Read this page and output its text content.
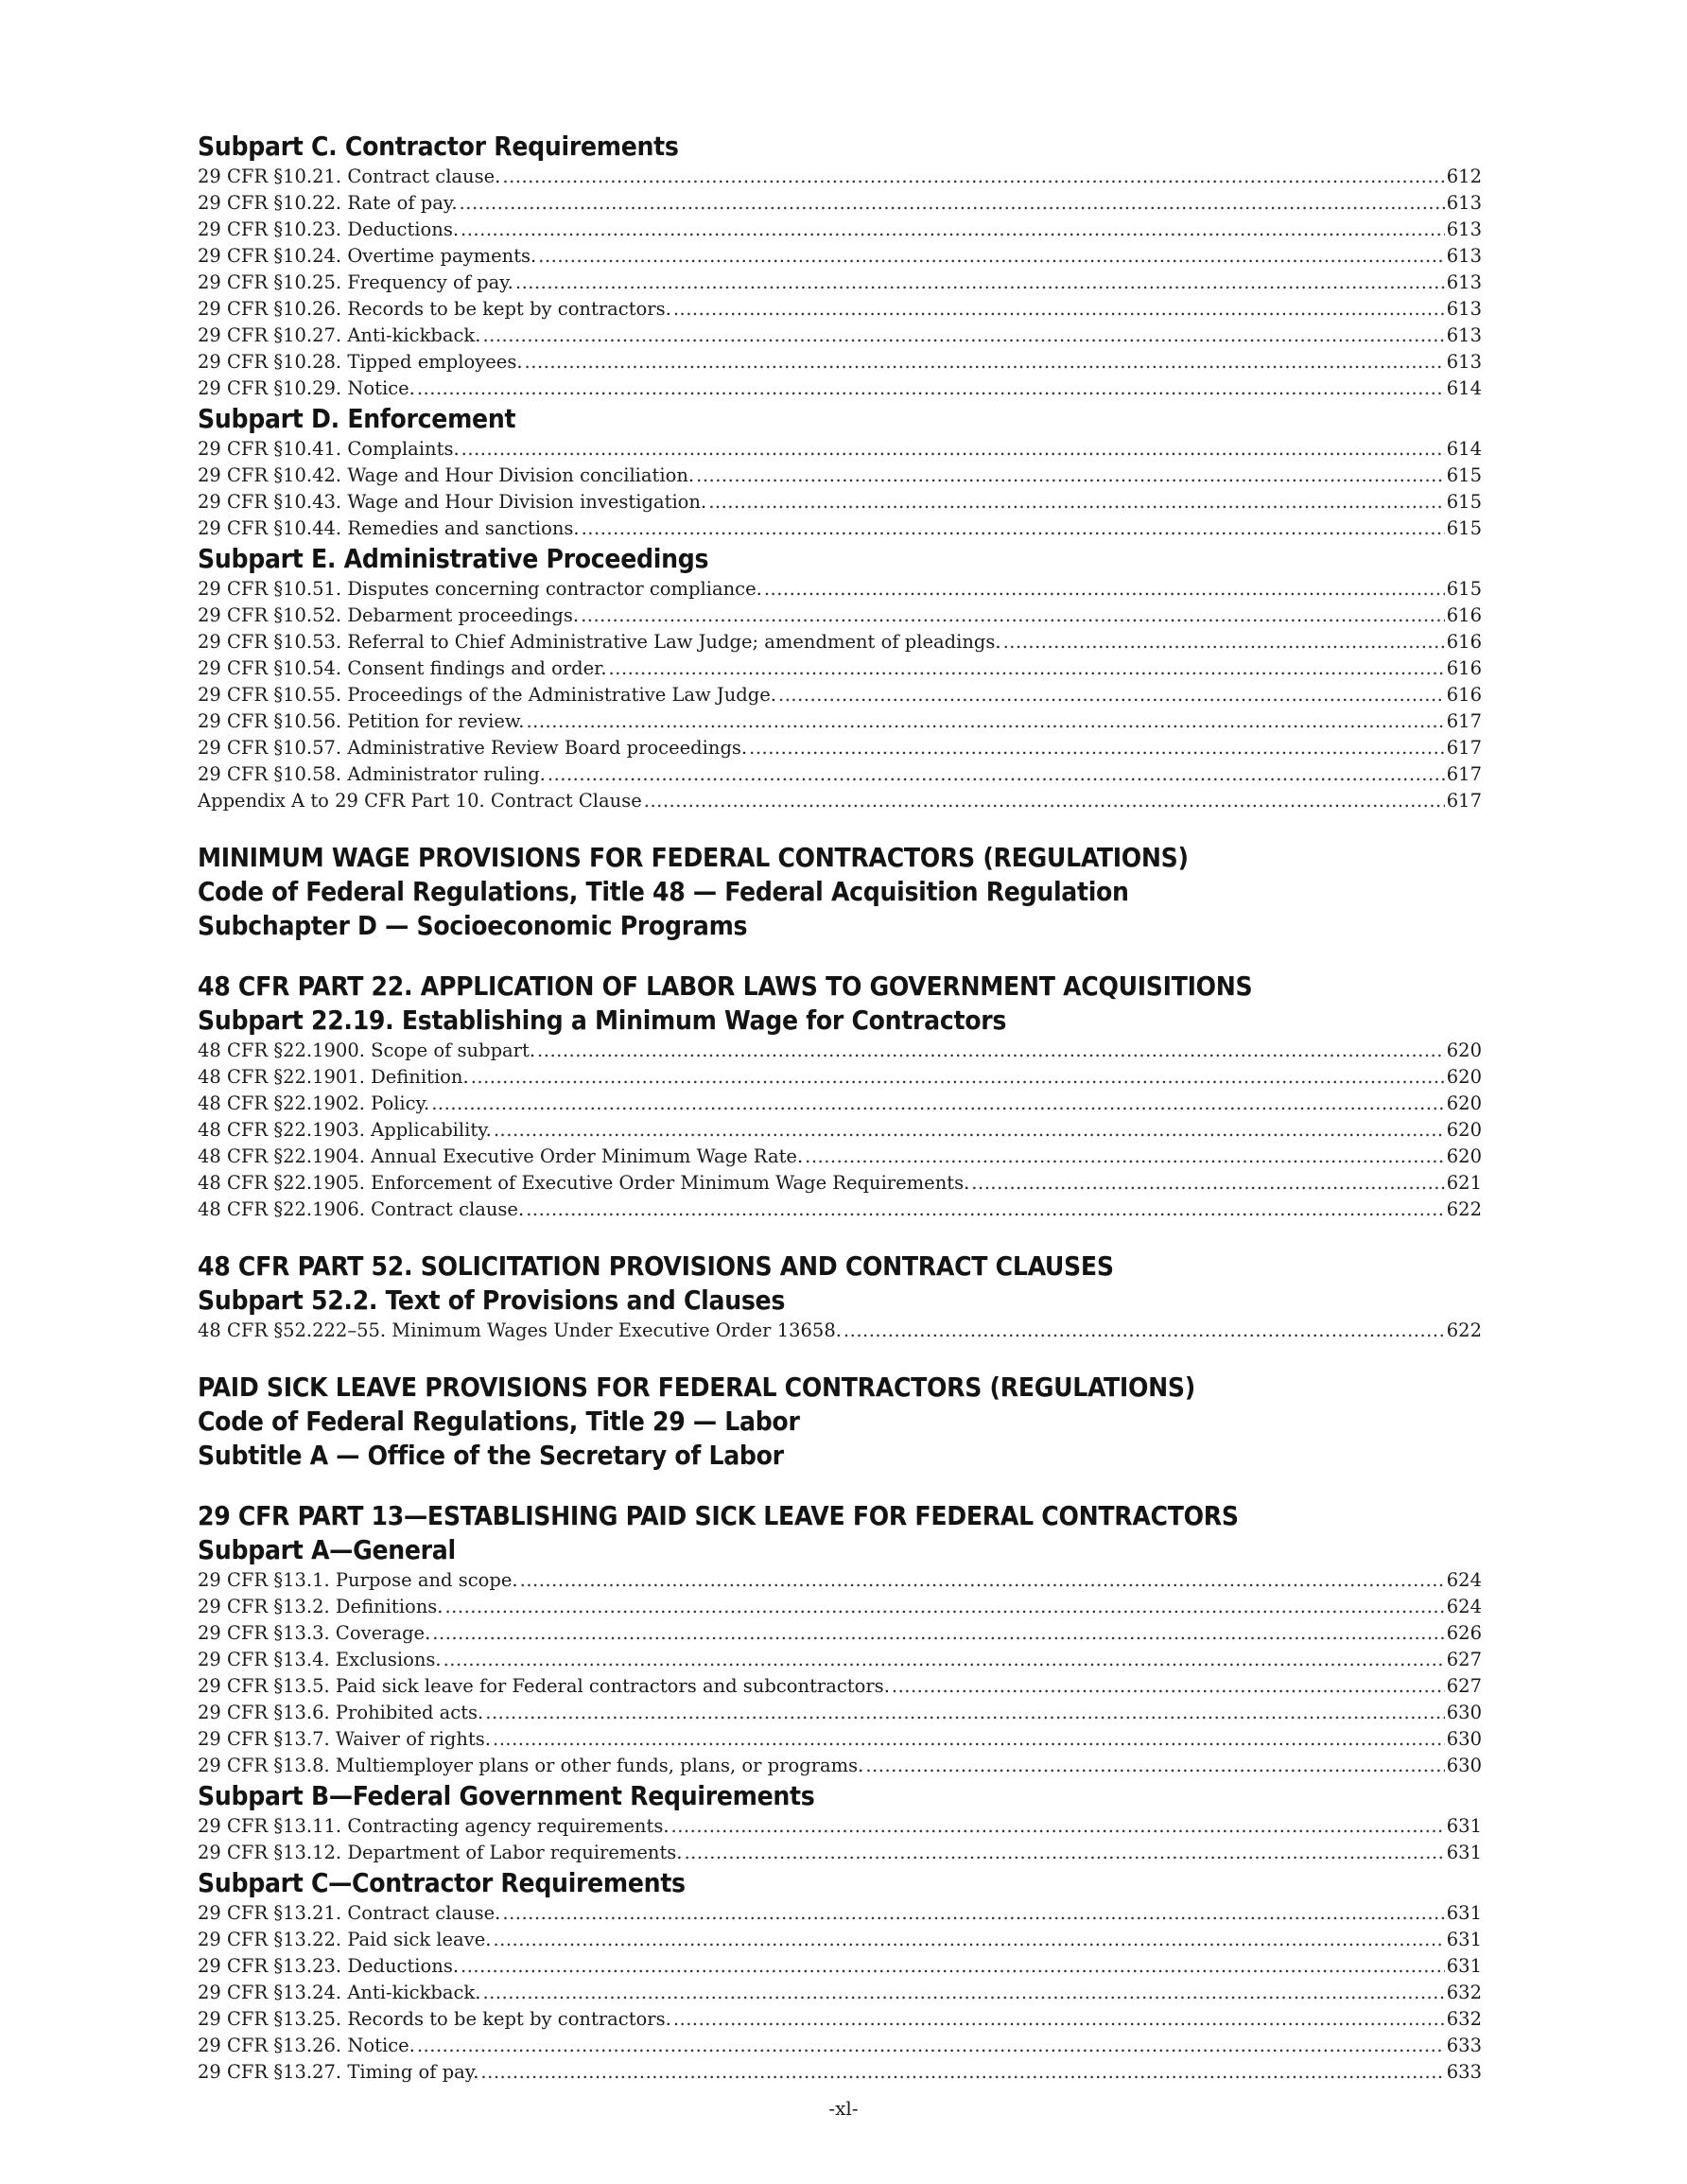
Subpart C. Contractor Requirements
29 CFR §10.21. Contract clause. .....	612
29 CFR §10.22. Rate of pay. .....	613
29 CFR §10.23. Deductions. .....	613
29 CFR §10.24. Overtime payments. .....	613
29 CFR §10.25. Frequency of pay. .....	613
29 CFR §10.26. Records to be kept by contractors. .....	613
29 CFR §10.27. Anti-kickback. .....	613
29 CFR §10.28. Tipped employees. .....	613
29 CFR §10.29. Notice. .....	614
Subpart D. Enforcement
29 CFR §10.41. Complaints. .....	614
29 CFR §10.42. Wage and Hour Division conciliation. .....	615
29 CFR §10.43. Wage and Hour Division investigation. .....	615
29 CFR §10.44. Remedies and sanctions. .....	615
Subpart E. Administrative Proceedings
29 CFR §10.51. Disputes concerning contractor compliance. .....	615
29 CFR §10.52. Debarment proceedings. .....	616
29 CFR §10.53. Referral to Chief Administrative Law Judge; amendment of pleadings. .....	616
29 CFR §10.54. Consent findings and order. .....	616
29 CFR §10.55. Proceedings of the Administrative Law Judge. .....	616
29 CFR §10.56. Petition for review. .....	617
29 CFR §10.57. Administrative Review Board proceedings. .....	617
29 CFR §10.58. Administrator ruling. .....	617
Appendix A to 29 CFR Part 10. Contract Clause .....	617
MINIMUM WAGE PROVISIONS FOR FEDERAL CONTRACTORS (REGULATIONS)
Code of Federal Regulations, Title 48 — Federal Acquisition Regulation
Subchapter D — Socioeconomic Programs
48 CFR PART 22. APPLICATION OF LABOR LAWS TO GOVERNMENT ACQUISITIONS
Subpart 22.19. Establishing a Minimum Wage for Contractors
48 CFR §22.1900. Scope of subpart. .....	620
48 CFR §22.1901. Definition. .....	620
48 CFR §22.1902. Policy. .....	620
48 CFR §22.1903. Applicability. .....	620
48 CFR §22.1904. Annual Executive Order Minimum Wage Rate. .....	620
48 CFR §22.1905. Enforcement of Executive Order Minimum Wage Requirements. .....	621
48 CFR §22.1906. Contract clause. .....	622
48 CFR PART 52. SOLICITATION PROVISIONS AND CONTRACT CLAUSES
Subpart 52.2. Text of Provisions and Clauses
48 CFR §52.222–55. Minimum Wages Under Executive Order 13658. .....	622
PAID SICK LEAVE PROVISIONS FOR FEDERAL CONTRACTORS (REGULATIONS)
Code of Federal Regulations, Title 29 — Labor
Subtitle A — Office of the Secretary of Labor
29 CFR PART 13—ESTABLISHING PAID SICK LEAVE FOR FEDERAL CONTRACTORS
Subpart A—General
29 CFR §13.1. Purpose and scope. .....	624
29 CFR §13.2. Definitions. .....	624
29 CFR §13.3. Coverage. .....	626
29 CFR §13.4. Exclusions. .....	627
29 CFR §13.5. Paid sick leave for Federal contractors and subcontractors. .....	627
29 CFR §13.6. Prohibited acts. .....	630
29 CFR §13.7. Waiver of rights. .....	630
29 CFR §13.8. Multiemployer plans or other funds, plans, or programs. .....	630
Subpart B—Federal Government Requirements
29 CFR §13.11. Contracting agency requirements. .....	631
29 CFR §13.12. Department of Labor requirements. .....	631
Subpart C—Contractor Requirements
29 CFR §13.21. Contract clause. .....	631
29 CFR §13.22. Paid sick leave. .....	631
29 CFR §13.23. Deductions. .....	631
29 CFR §13.24. Anti-kickback. .....	632
29 CFR §13.25. Records to be kept by contractors. .....	632
29 CFR §13.26. Notice. .....	633
29 CFR §13.27. Timing of pay. .....	633
-xl-
